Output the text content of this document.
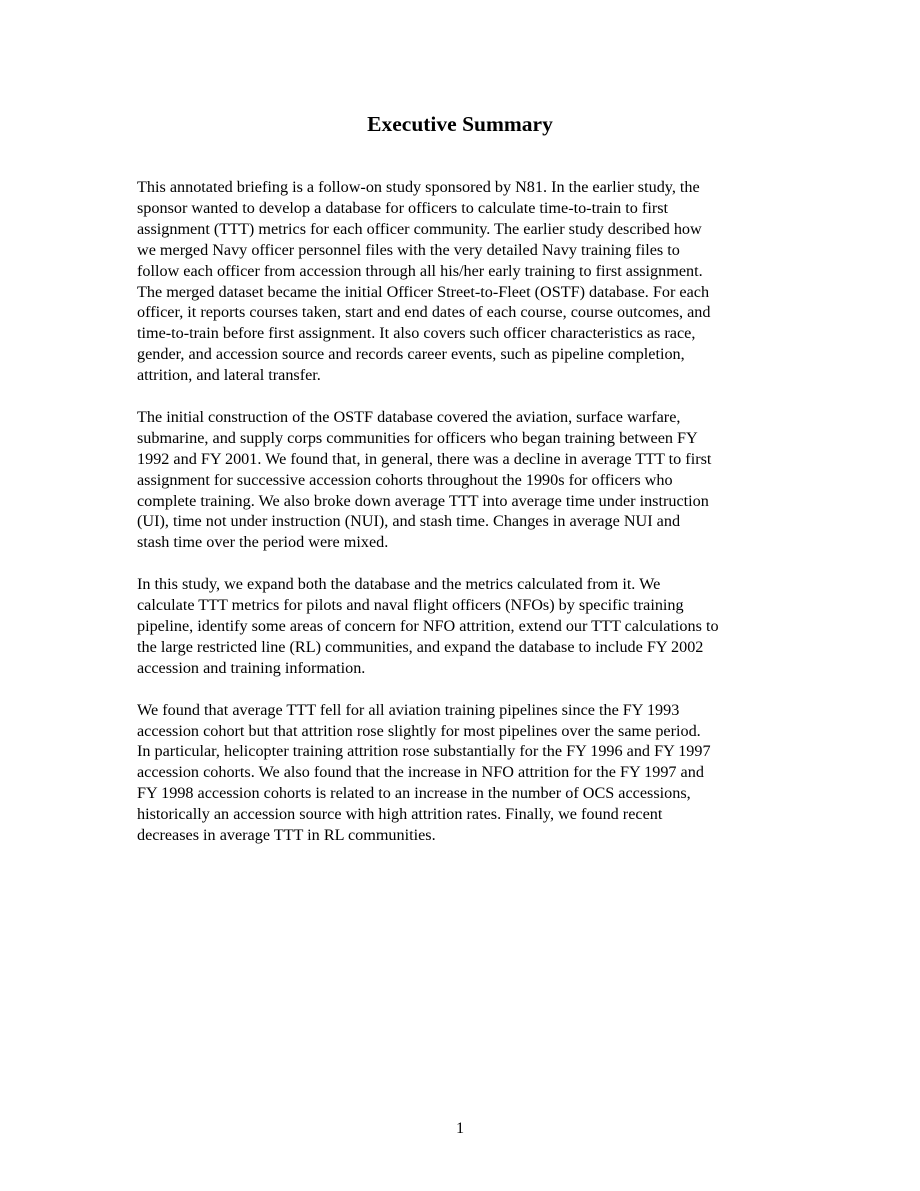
Executive Summary

This annotated briefing is a follow-on study sponsored by N81. In the earlier study, the
sponsor wanted to develop a database for officers to calculate time-to-train to first
assignment (TTT) metrics for each officer community. The earlier study described how
we merged Navy officer personnel files with the very detailed Navy training files to
follow each officer from accession through all his/her early training to first assignment.
The merged dataset became the initial Officer Street-to-Fleet (OSTF) database. For each
officer, it reports courses taken, start and end dates of each course, course outcomes, and
time-to-train before first assignment. It also covers such officer characteristics as race,
gender, and accession source and records career events, such as pipeline completion,
attrition, and lateral transfer.

The initial construction of the OSTF database covered the aviation, surface warfare,
submarine, and supply corps communities for officers who began training between FY
1992 and FY 2001. We found that, in general, there was a decline in average TTT to first
assignment for successive accession cohorts throughout the 1990s for officers who
complete training. We also broke down average TTT into average time under instruction
(UI), time not under instruction (NUI), and stash time. Changes in average NUI and
stash time over the period were mixed.

In this study, we expand both the database and the metrics calculated from it. We
calculate TTT metrics for pilots and naval flight officers (NFOs) by specific training
pipeline, identify some areas of concern for NFO attrition, extend our TTT calculations to
the large restricted line (RL) communities, and expand the database to include FY 2002
accession and training information.

We found that average TTT fell for all aviation training pipelines since the FY 1993
accession cohort but that attrition rose slightly for most pipelines over the same period.
In particular, helicopter training attrition rose substantially for the FY 1996 and FY 1997
accession cohorts. We also found that the increase in NFO attrition for the FY 1997 and
FY 1998 accession cohorts is related to an increase in the number of OCS accessions,
historically an accession source with high attrition rates. Finally, we found recent
decreases in average TTT in RL communities.

1
